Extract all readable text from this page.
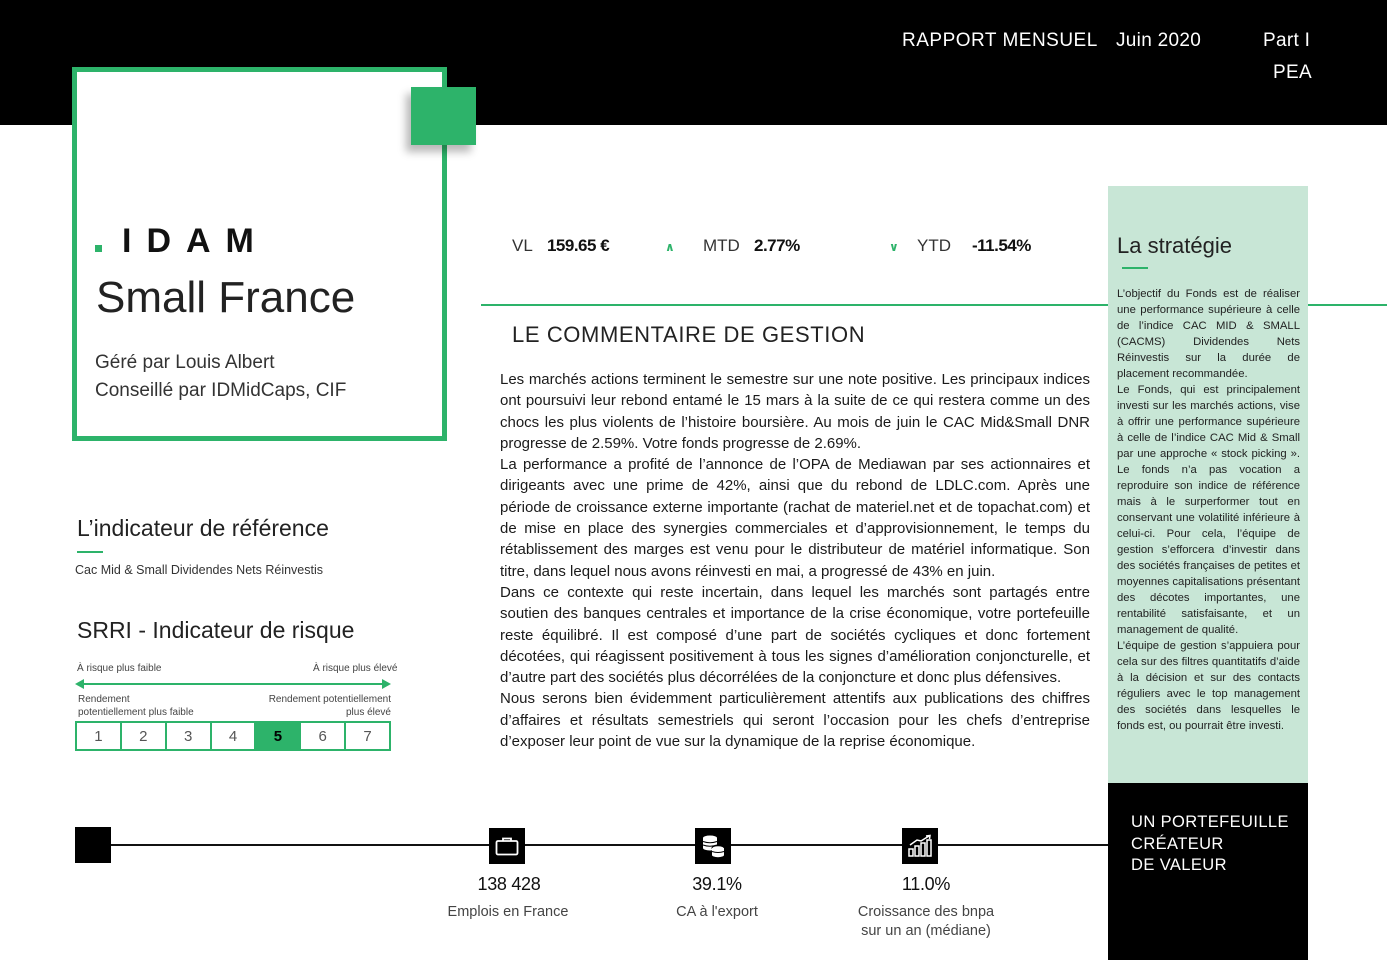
RAPPORT MENSUEL Juin 2020	Part I
PEA
IDAM
Small France
Géré par Louis Albert
Conseillé par IDMidCaps, CIF
L’indicateur de référence
Cac Mid & Small Dividendes Nets Réinvestis
SRRI - Indicateur de risque
À risque plus faible	À risque plus élevé
Rendement
potentiellement plus faible
Rendement potentiellement
plus élevé
1	2	3	4	5	6	7
VL 159.65 €	∧ MTD 2.77%	∨ YTD -11.54%
LE COMMENTAIRE DE GESTION

Les marchés actions terminent le semestre sur une note positive. Les principaux indices ont poursuivi leur rebond entamé le 15 mars à la suite de ce qui restera comme un des chocs les plus violents de l’histoire boursière. Au mois de juin le CAC Mid&Small DNR progresse de 2.59%. Votre fonds progresse de 2.69%.

La performance a profité de l’annonce de l’OPA de Mediawan par ses actionnaires et dirigeants avec une prime de 42%, ainsi que du rebond de LDLC.com. Après une période de croissance externe importante (rachat de materiel.net et de topachat.com) et de mise en place des synergies commerciales et d’approvisionnement, le temps du rétablissement des marges est venu pour le distributeur de matériel informatique. Son titre, dans lequel nous avons réinvesti en mai, a progressé de 43% en juin.

Dans ce contexte qui reste incertain, dans lequel les marchés sont partagés entre soutien des banques centrales et importance de la crise économique, votre portefeuille reste équilibré. Il est composé d’une part de sociétés cycliques et donc fortement décotées, qui réagissent positivement à tous les signes d’amélioration conjoncturelle, et d’autre part des sociétés plus décorrélées de la conjoncture et donc plus défensives.

Nous serons bien évidemment particulièrement attentifs aux publications des chiffres d’affaires et résultats semestriels qui seront l’occasion pour les chefs d’entreprise d’exposer leur point de vue sur la dynamique de la reprise économique.

La stratégie

L’objectif du Fonds est de réaliser une performance supérieure à celle de l’indice CAC MID & SMALL (CACMS) Dividendes Nets Réinvestis sur la durée de placement recommandée.

Le Fonds, qui est principalement investi sur les marchés actions, vise à offrir une performance supérieure à celle de l’indice CAC Mid & Small par une approche « stock picking ». Le fonds n’a pas vocation a reproduire son indice de référence mais à le surperformer tout en conservant une volatilité inférieure à celui-ci. Pour cela, l’équipe de gestion s’efforcera d’investir dans des sociétés françaises de petites et moyennes capitalisations présentant des décotes importantes, une rentabilité satisfaisante, et un management de qualité.

L’équipe de gestion s’appuiera pour cela sur des filtres quantitatifs d’aide à la décision et sur des contacts réguliers avec le top management des sociétés dans lesquelles le fonds est, ou pourrait être investi.

UN PORTEFEUILLE
CRÉATEUR
DE VALEUR
138 428
Emplois en France
39.1%
CA à l'export
11.0%
Croissance des bnpa
sur un an (médiane)
